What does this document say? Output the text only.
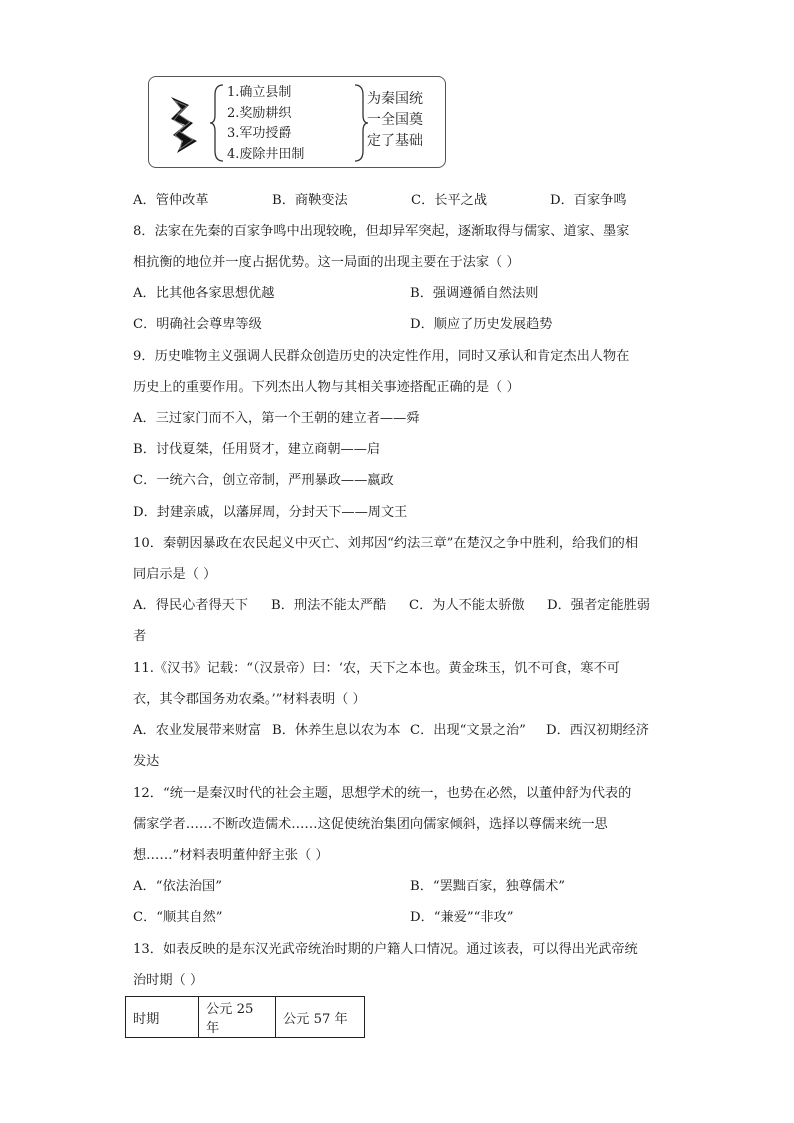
1.确立县制
2.奖励耕织
3.军功授爵
4.废除井田制
为秦国统
一全国奠
定了基础
A．管仲改革	B．商鞅变法	C．长平之战	D．百家争鸣
8．法家在先秦的百家争鸣中出现较晚，但却异军突起，逐渐取得与儒家、道家、墨家
相抗衡的地位并一度占据优势。这一局面的出现主要在于法家（ ）
A．比其他各家思想优越	B．强调遵循自然法则
C．明确社会尊卑等级	D．顺应了历史发展趋势
9．历史唯物主义强调人民群众创造历史的决定性作用，同时又承认和肯定杰出人物在
历史上的重要作用。下列杰出人物与其相关事迹搭配正确的是（ ）
A．三过家门而不入，第一个王朝的建立者——舜
B．讨伐夏桀，任用贤才，建立商朝——启
C．一统六合，创立帝制，严刑暴政——嬴政
D．封建亲戚，以藩屏周，分封天下——周文王
10．秦朝因暴政在农民起义中灭亡、刘邦因“约法三章”在楚汉之争中胜利，给我们的相
同启示是（ ）
A．得民心者得天下 B．刑法不能太严酷 C．为人不能太骄傲 D．强者定能胜弱
者
11.《汉书》记载：“（汉景帝）曰：‘农，天下之本也。黄金珠玉，饥不可食，寒不可
衣，其令郡国务劝农桑。’”材料表明（ ）
A．农业发展带来财富 B．休养生息以农为本 C．出现“文景之治” D．西汉初期经济
发达
12．“统一是秦汉时代的社会主题，思想学术的统一，也势在必然，以董仲舒为代表的
儒家学者……不断改造儒术……这促使统治集团向儒家倾斜，选择以尊儒来统一思
想……”材料表明董仲舒主张（ ）
A．“依法治国”	B．“罢黜百家，独尊儒术”
C．“顺其自然”	D．“兼爱”“非攻”
13．如表反映的是东汉光武帝统治时期的户籍人口情况。通过该表，可以得出光武帝统
治时期（ ）
时期	公元 25 年	公元 57 年
